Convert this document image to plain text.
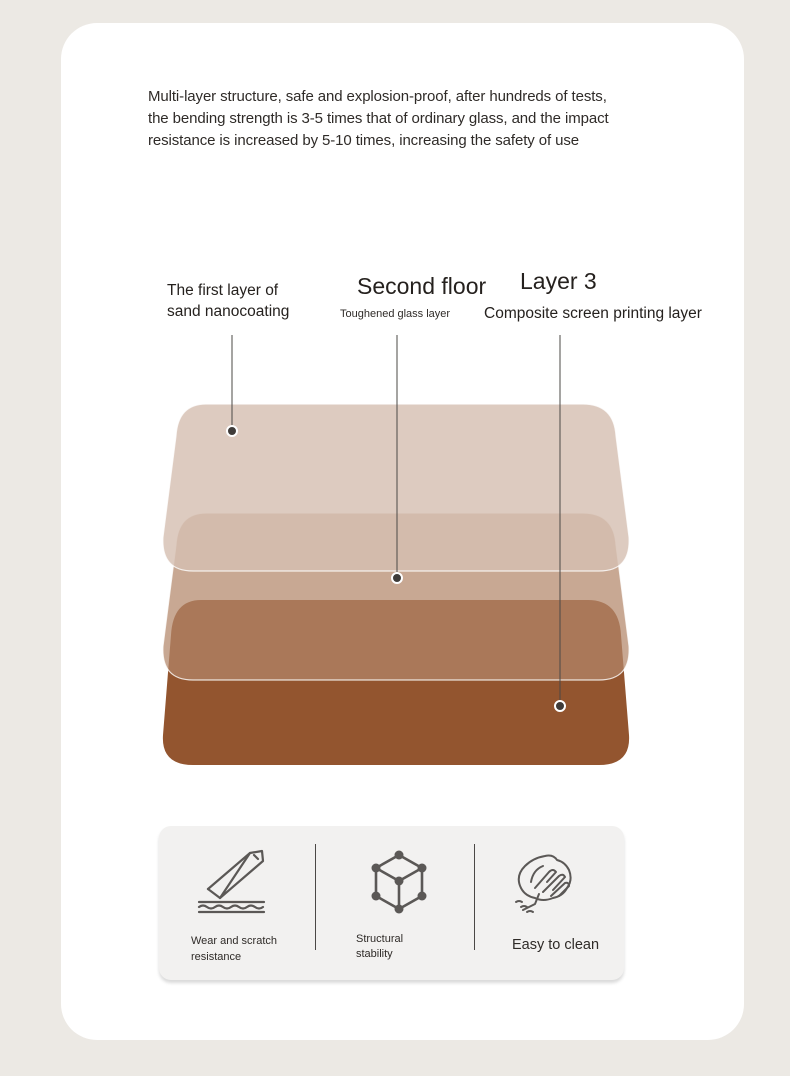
Multi-layer structure, safe and explosion-proof, after hundreds of tests,
the bending strength is 3-5 times that of ordinary glass, and the impact
resistance is increased by 5-10 times, increasing the safety of use

The first layer of
sand nanocoating
Second floor
Toughened glass layer
Layer 3
Composite screen printing layer
Wear and scratch
resistance
Structural
stability
Easy to clean
